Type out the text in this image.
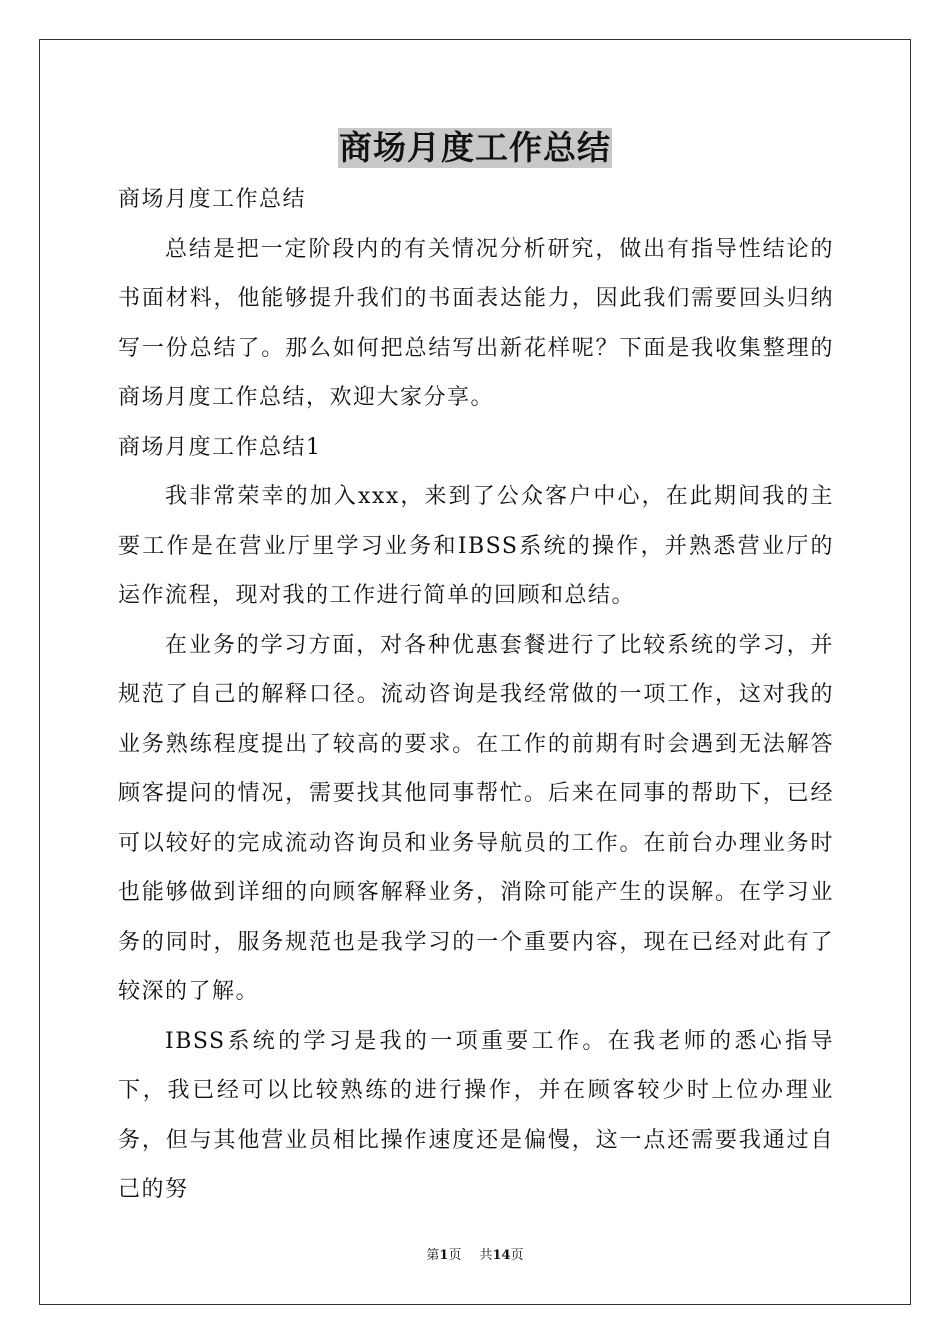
商场月度工作总结

商场月度工作总结

总结是把一定阶段内的有关情况分析研究，做出有指导性结论的书面材料，他能够提升我们的书面表达能力，因此我们需要回头归纳写一份总结了。那么如何把总结写出新花样呢？下面是我收集整理的商场月度工作总结，欢迎大家分享。

商场月度工作总结1

我非常荣幸的加入xxx，来到了公众客户中心，在此期间我的主要工作是在营业厅里学习业务和IBSS系统的操作，并熟悉营业厅的运作流程，现对我的工作进行简单的回顾和总结。

在业务的学习方面，对各种优惠套餐进行了比较系统的学习，并规范了自己的解释口径。流动咨询是我经常做的一项工作，这对我的业务熟练程度提出了较高的要求。在工作的前期有时会遇到无法解答顾客提问的情况，需要找其他同事帮忙。后来在同事的帮助下，已经可以较好的完成流动咨询员和业务导航员的工作。在前台办理业务时也能够做到详细的向顾客解释业务，消除可能产生的误解。在学习业务的同时，服务规范也是我学习的一个重要内容，现在已经对此有了较深的了解。

IBSS系统的学习是我的一项重要工作。在我老师的悉心指导下，我已经可以比较熟练的进行操作，并在顾客较少时上位办理业务，但与其他营业员相比操作速度还是偏慢，这一点还需要我通过自己的努

第1页 共14页
